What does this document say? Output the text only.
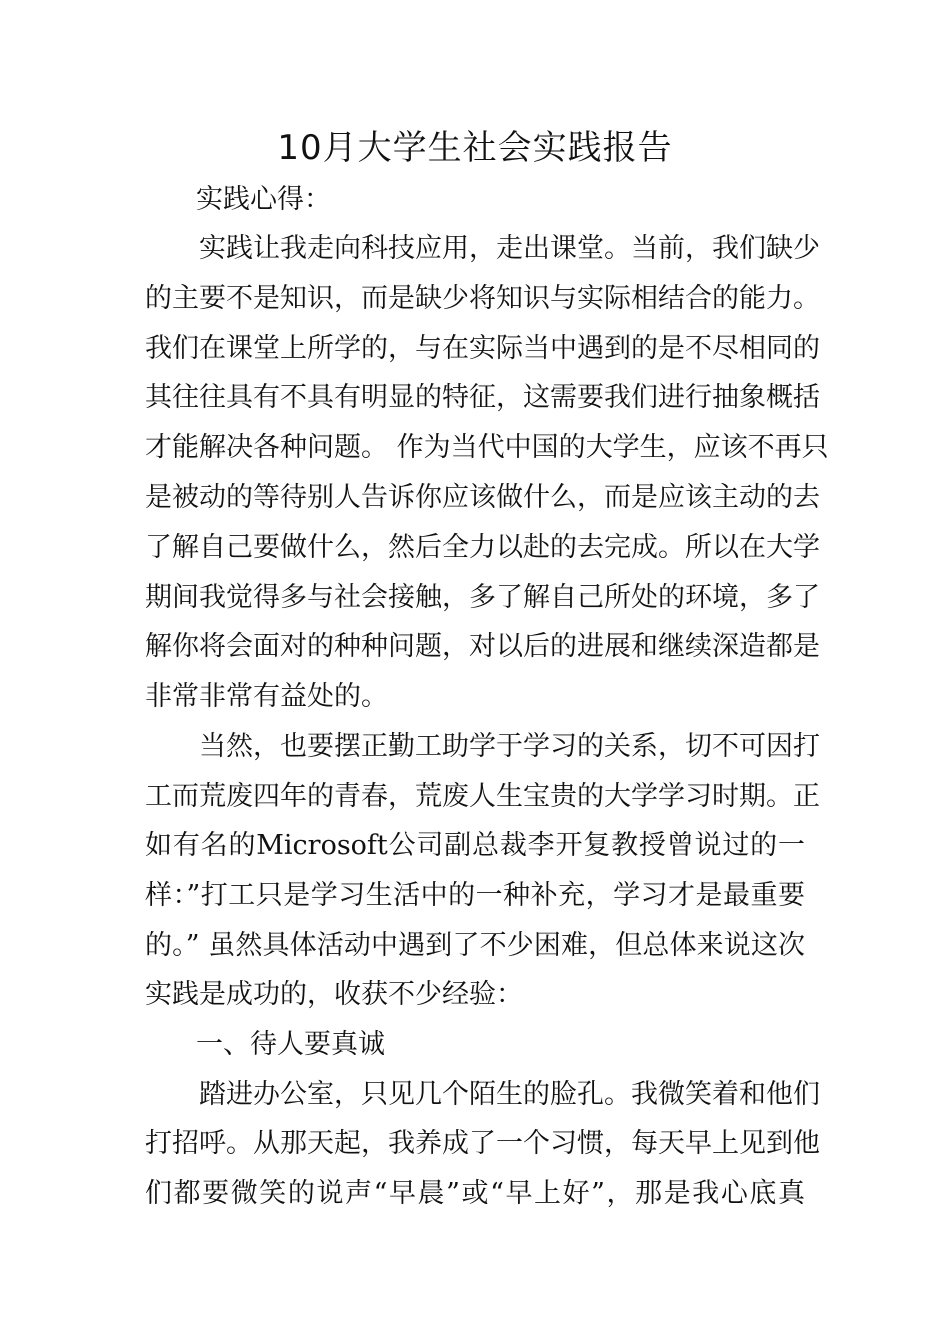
10月大学生社会实践报告

实践心得：

实践让我走向科技应用，走出课堂。当前，我们缺少

的主要不是知识，而是缺少将知识与实际相结合的能力。

我们在课堂上所学的，与在实际当中遇到的是不尽相同的

其往往具有不具有明显的特征，这需要我们进行抽象概括

才能解决各种问题。 作为当代中国的大学生，应该不再只

是被动的等待别人告诉你应该做什么，而是应该主动的去

了解自己要做什么，然后全力以赴的去完成。所以在大学

期间我觉得多与社会接触，多了解自己所处的环境，多了

解你将会面对的种种问题，对以后的进展和继续深造都是

非常非常有益处的。

当然，也要摆正勤工助学于学习的关系，切不可因打

工而荒废四年的青春，荒废人生宝贵的大学学习时期。正

如有名的Microsoft公司副总裁李开复教授曾说过的一

样：”打工只是学习生活中的一种补充，学习才是最重要

的。” 虽然具体活动中遇到了不少困难，但总体来说这次

实践是成功的，收获不少经验：

一、待人要真诚

踏进办公室，只见几个陌生的脸孔。我微笑着和他们

打招呼。从那天起，我养成了一个习惯，每天早上见到他

们都要微笑的说声“早晨”或“早上好”，那是我心底真
